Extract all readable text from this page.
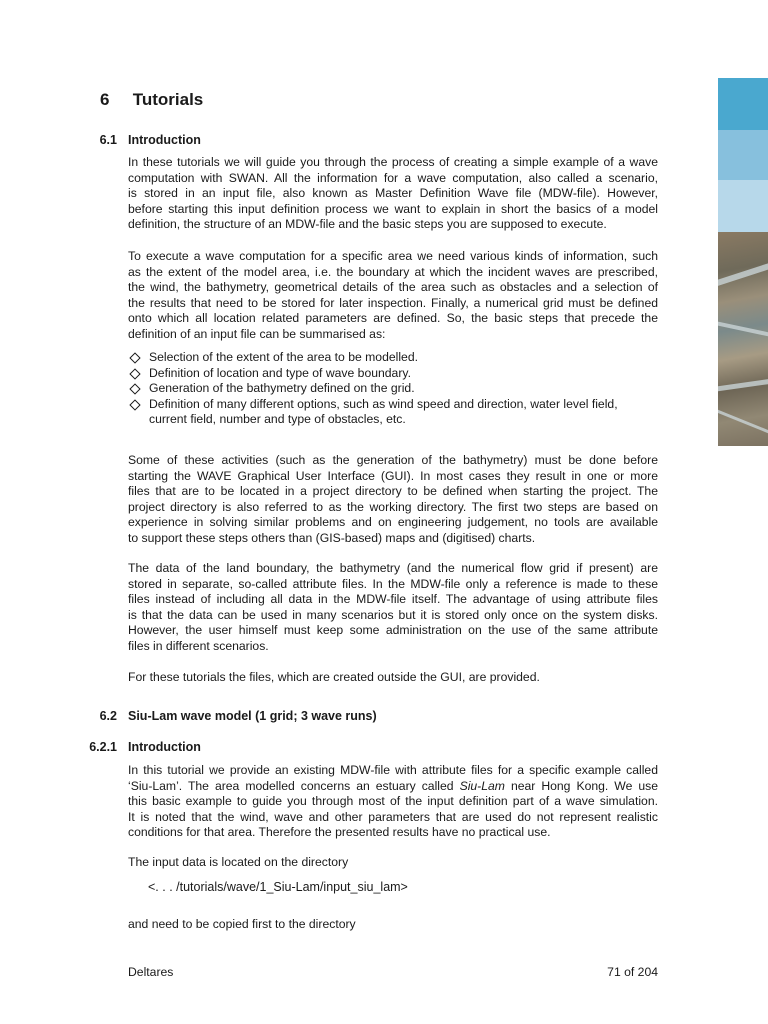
6 Tutorials
6.1 Introduction
In these tutorials we will guide you through the process of creating a simple example of a wave
computation with SWAN. All the information for a wave computation, also called a scenario,
is stored in an input file, also known as Master Definition Wave file (MDW-file). However,
before starting this input definition process we want to explain in short the basics of a model
definition, the structure of an MDW-file and the basic steps you are supposed to execute.
To execute a wave computation for a specific area we need various kinds of information, such
as the extent of the model area, i.e. the boundary at which the incident waves are prescribed,
the wind, the bathymetry, geometrical details of the area such as obstacles and a selection of
the results that need to be stored for later inspection. Finally, a numerical grid must be defined
onto which all location related parameters are defined. So, the basic steps that precede the
definition of an input file can be summarised as:
Selection of the extent of the area to be modelled.
Definition of location and type of wave boundary.
Generation of the bathymetry defined on the grid.
Definition of many different options, such as wind speed and direction, water level field,
current field, number and type of obstacles, etc.
Some of these activities (such as the generation of the bathymetry) must be done before
starting the WAVE Graphical User Interface (GUI). In most cases they result in one or more
files that are to be located in a project directory to be defined when starting the project. The
project directory is also referred to as the working directory. The first two steps are based on
experience in solving similar problems and on engineering judgement, no tools are available
to support these steps others than (GIS-based) maps and (digitised) charts.
The data of the land boundary, the bathymetry (and the numerical flow grid if present) are
stored in separate, so-called attribute files. In the MDW-file only a reference is made to these
files instead of including all data in the MDW-file itself. The advantage of using attribute files
is that the data can be used in many scenarios but it is stored only once on the system disks.
However, the user himself must keep some administration on the use of the same attribute
files in different scenarios.
For these tutorials the files, which are created outside the GUI, are provided.
6.2 Siu-Lam wave model (1 grid; 3 wave runs)
6.2.1 Introduction
In this tutorial we provide an existing MDW-file with attribute files for a specific example called
‘Siu-Lam’. The area modelled concerns an estuary called Siu-Lam near Hong Kong. We use
this basic example to guide you through most of the input definition part of a wave simulation.
It is noted that the wind, wave and other parameters that are used do not represent realistic
conditions for that area. Therefore the presented results have no practical use.
The input data is located on the directory
<. . . /tutorials/wave/1_Siu-Lam/input_siu_lam>
and need to be copied first to the directory
Deltares	71 of 204
